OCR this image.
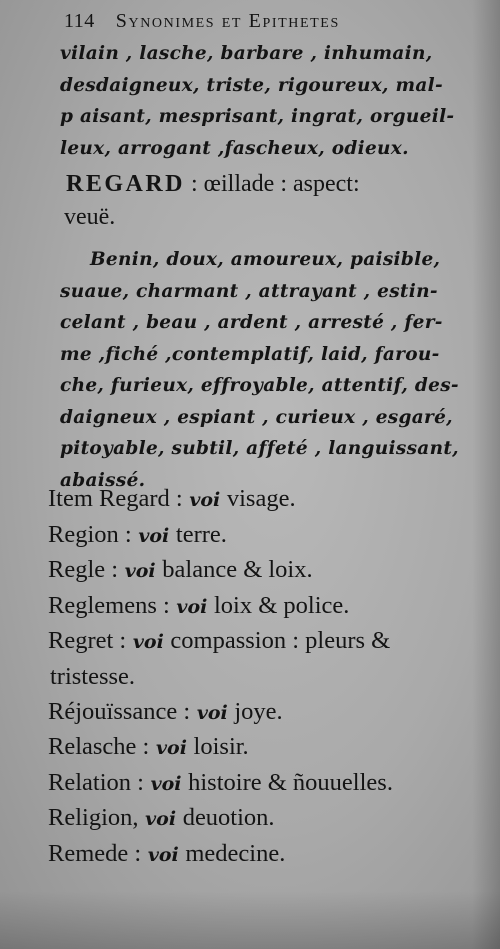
114 Synonimes et Epithetes
vilain , lasche, barbare , inhumain,
desdaigneux, triste, rigoureux, mal-
p aisant, mesprisant, ingrat, orgueil-
leux, arrogant ,fascheux, odieux.
REGARD : œillade : aspect:
veuë.
Benin, doux, amoureux, paisible,
suaue, charmant , attrayant , estin-
celant , beau , ardent , arresté , fer-
me ,fiché ,contemplatif, laid, farou-
che, furieux, effroyable, attentif, des-
daigneux , espiant , curieux , esgaré,
pitoyable, subtil, affeté , languissant,
abaissé.
Item Regard : voi visage.
Region : voi terre.
Regle : voi balance & loix.
Reglemens : voi loix & police.
Regret : voi compassion : pleurs &
tristesse.
Réjouïssance : voi joye.
Relasche : voi loisir.
Relation : voi histoire & ñouuelles.
Religion, voi deuotion.
Remede : voi medecine.
